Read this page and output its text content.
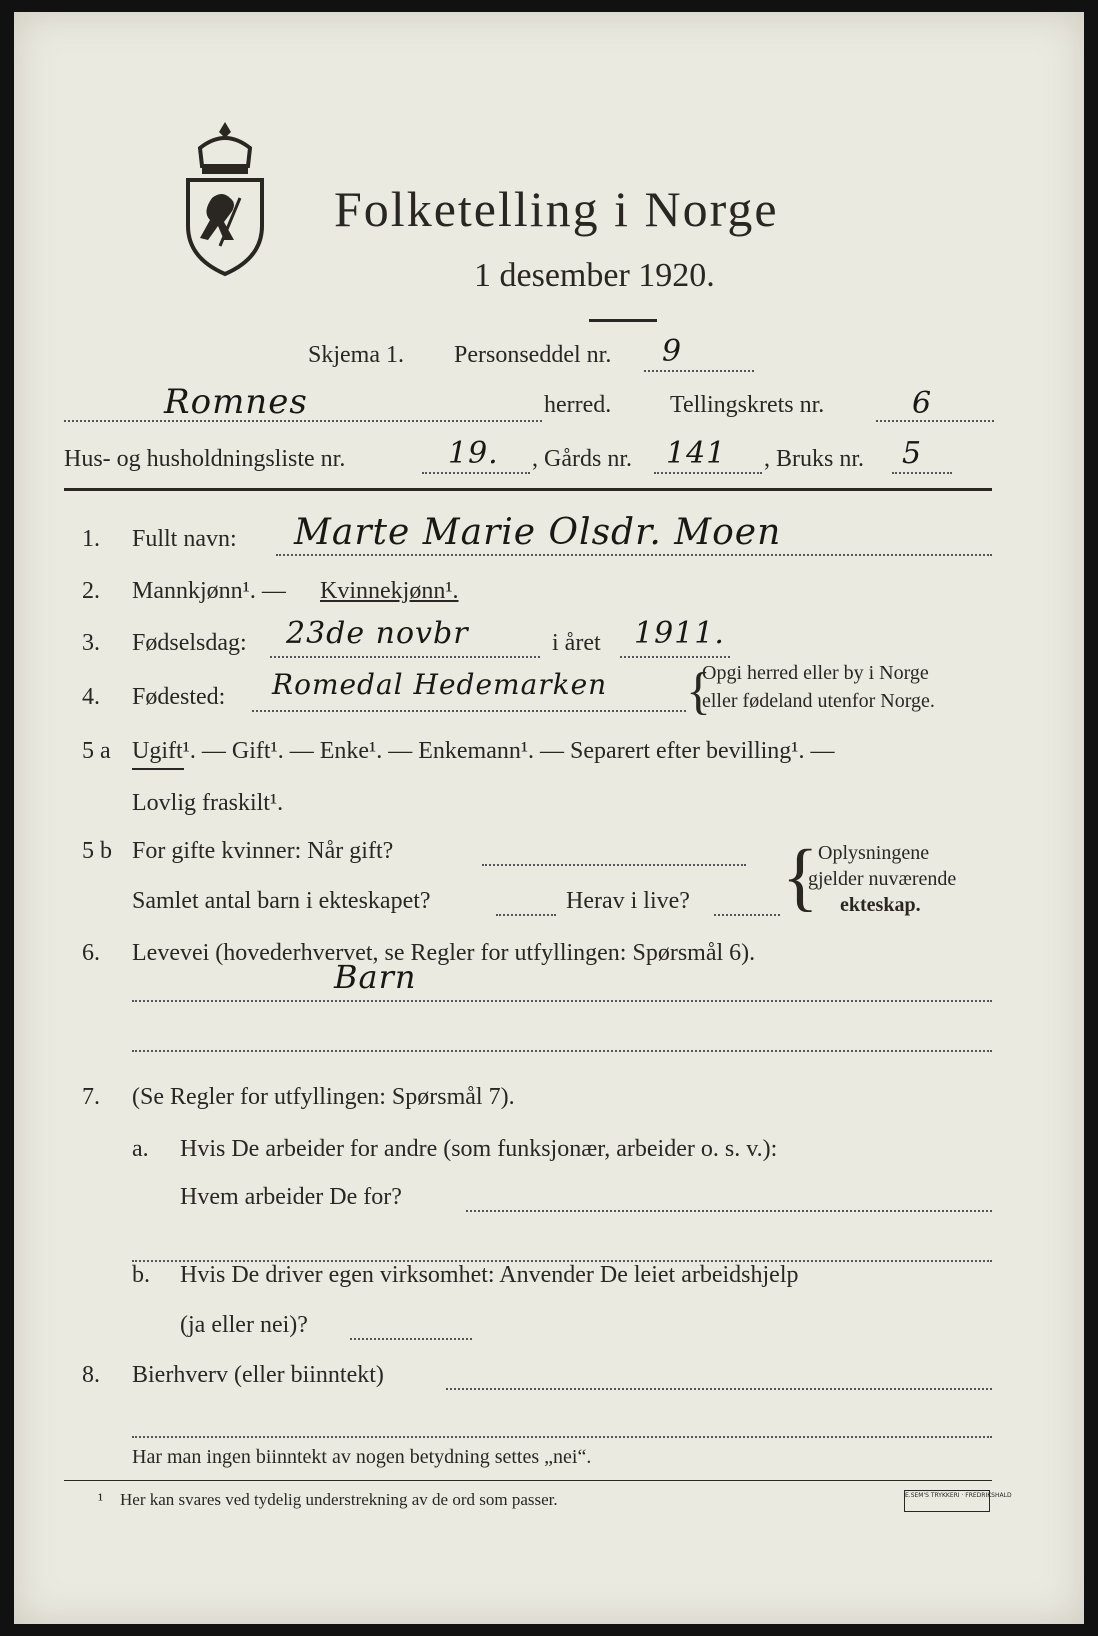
Folketelling i Norge
1 desember 1920.
Skjema 1. Personseddel nr. 9
Romnes	herred. Tellingskrets nr.	6
Hus- og husholdningsliste nr.	19. , Gårds nr. 141 , Bruks nr. 5
1. Fullt navn: Marte Marie Olsdr. Moen
2. Mannkjønn¹. — Kvinnekjønn¹.
3. Fødselsdag: 23de novbr	i året 1911.
4. Fødested: Romedal Hedemarken {
Opgi herred eller by i Norge
eller fødeland utenfor Norge.
5 a Ugift¹. — Gift¹. — Enke¹. — Enkemann¹. — Separert efter bevilling¹. —
Lovlig fraskilt¹.
5 b For gifte kvinner: Når gift?
Samlet antal barn i ekteskapet?	Herav i live? { Oplysningene
gjelder nuværende
ekteskap.
6. Levevei (hovederhvervet, se Regler for utfyllingen: Spørsmål 6).
Barn
7. (Se Regler for utfyllingen: Spørsmål 7).
a. Hvis De arbeider for andre (som funksjonær, arbeider o. s. v.):
Hvem arbeider De for?
b. Hvis De driver egen virksomhet: Anvender De leiet arbeidshjelp
(ja eller nei)?
8. Bierhverv (eller biinntekt)
Har man ingen biinntekt av nogen betydning settes „nei“.
¹ Her kan svares ved tydelig understrekning av de ord som passer.	E.SEM'S TRYKKERI · FREDRIKSHALD
